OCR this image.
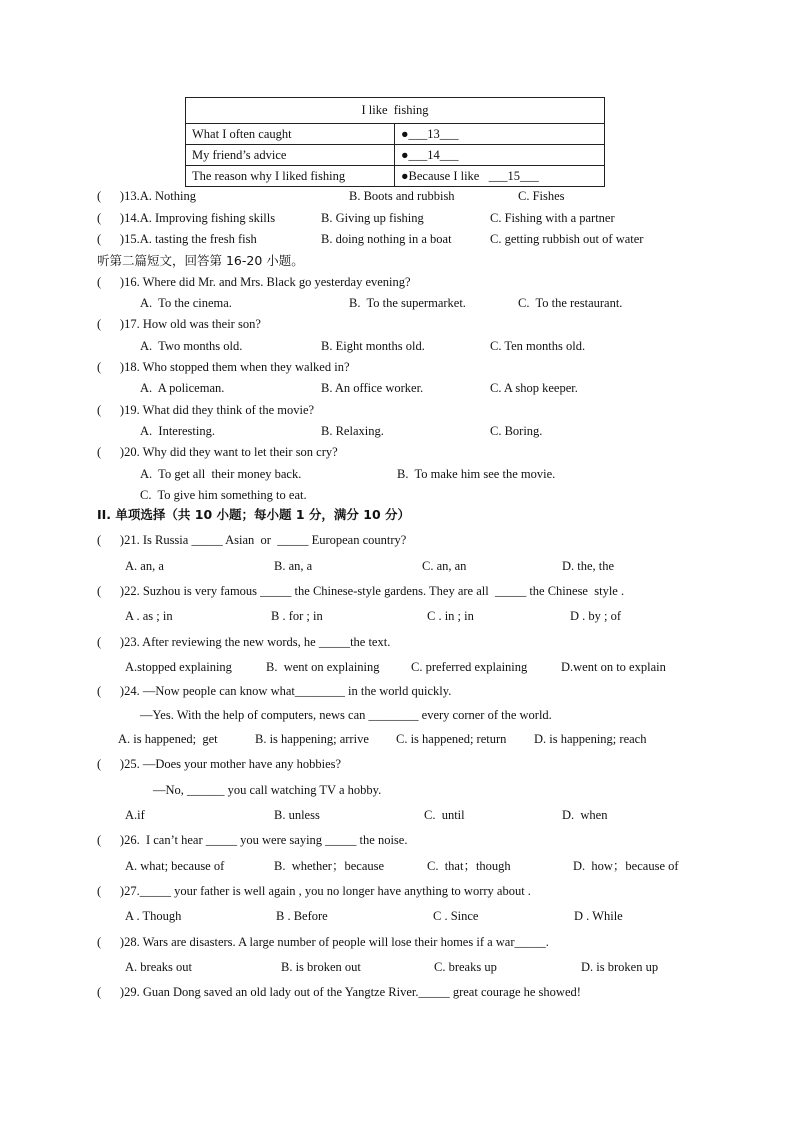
I like  fishing	
What I often caught	●___13___
My friend’s advice	●___14___
The reason why I liked fishing	●Because I like   ___15___
(      )13.A. Nothing	B. Boots and rubbish	C. Fishes
(      )14.A. Improving fishing skills	B. Giving up fishing	C. Fishing with a partner
(      )15.A. tasting the fresh fish	B. doing nothing in a boat	C. getting rubbish out of water
听第二篇短文，回答第 16-20 小题。
(      )16. Where did Mr. and Mrs. Black go yesterday evening?
A.  To the cinema.	B.  To the supermarket.	C.  To the restaurant.
(      )17. How old was their son?
A.  Two months old.	B. Eight months old.	C. Ten months old.
(      )18. Who stopped them when they walked in?
A.  A policeman.	B. An office worker.	C. A shop keeper.
(      )19. What did they think of the movie?
A.  Interesting.	B. Relaxing.	C. Boring.
(      )20. Why did they want to let their son cry?
A.  To get all  their money back.	B.  To make him see the movie.
C.  To give him something to eat.
II. 单项选择（共 10 小题；每小题 1 分，满分 10 分）
(      )21. Is Russia _____ Asian  or  _____ European country?
A. an, a	B. an, a	C. an, an	D. the, the
(      )22. Suzhou is very famous _____ the Chinese-style gardens. They are all  _____ the Chinese  style .
A . as ; in	B . for ; in	C . in ; in	D . by ; of
(      )23. After reviewing the new words, he _____the text.
A.stopped explaining	B.  went on explaining	C. preferred explaining	D.went on to explain
(      )24. —Now people can know what________ in the world quickly.
—Yes. With the help of computers, news can ________ every corner of the world.
A. is happened;  get	B. is happening; arrive C. is happened; return D. is happening; reach
(      )25. —Does your mother have any hobbies?
—No, ______ you call watching TV a hobby.
A.if	B. unless	C.  until	D.  when
(      )26.  I can’t hear _____ you were saying _____ the noise.
A. what; because of	B.  whether；because	C.  that；though	D.  how；because of
(      )27._____ your father is well again , you no longer have anything to worry about .
A . Though	B . Before	C . Since	D . While
(      )28. Wars are disasters. A large number of people will lose their homes if a war_____.
A. breaks out	B. is broken out	C. breaks up	D. is broken up
(      )29. Guan Dong saved an old lady out of the Yangtze River._____ great courage he showed!
